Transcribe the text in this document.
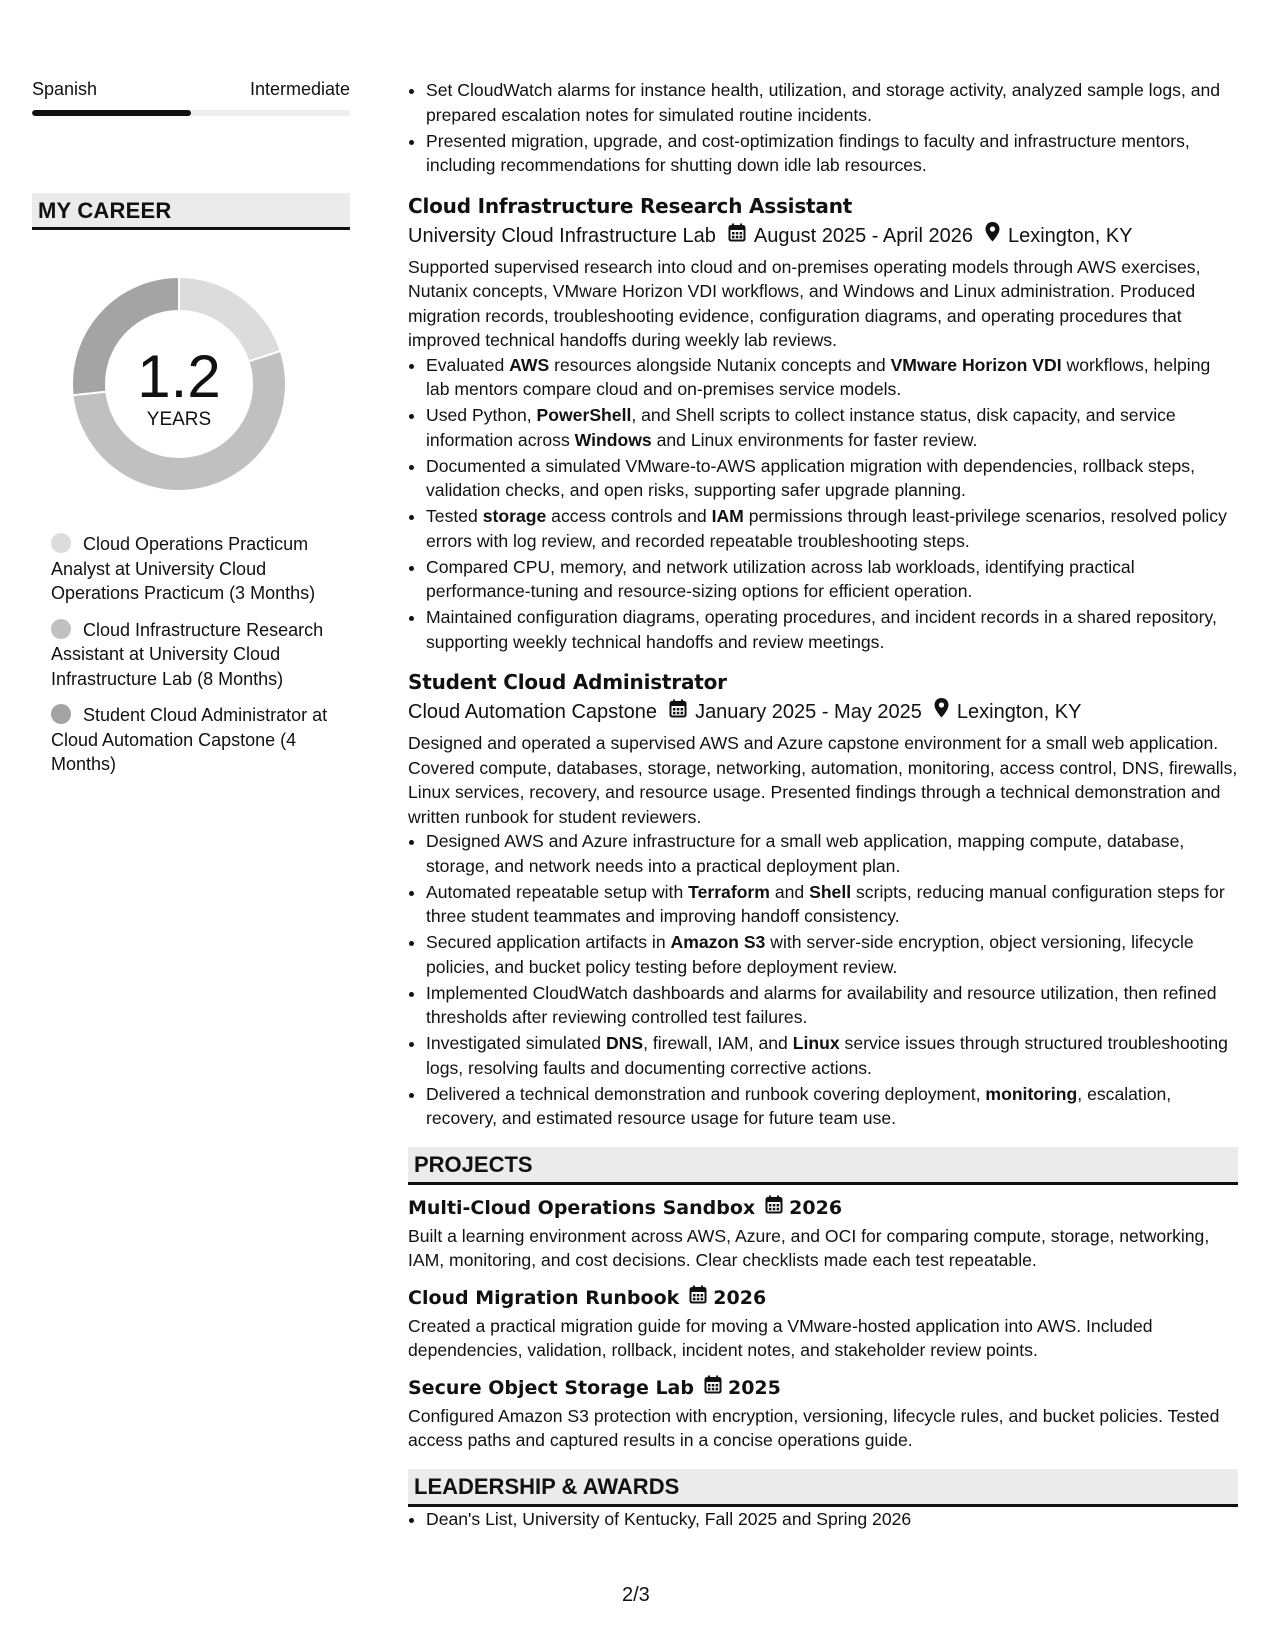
Spanish	Intermediate
MY CAREER
1.2
YEARS
Cloud Operations Practicum Analyst at University Cloud Operations Practicum (3 Months)
Cloud Infrastructure Research Assistant at University Cloud Infrastructure Lab (8 Months)
Student Cloud Administrator at Cloud Automation Capstone (4 Months)
• Set CloudWatch alarms for instance health, utilization, and storage activity, analyzed sample logs, and prepared escalation notes for simulated routine incidents.
• Presented migration, upgrade, and cost-optimization findings to faculty and infrastructure mentors, including recommendations for shutting down idle lab resources.
Cloud Infrastructure Research Assistant
University Cloud Infrastructure Lab August 2025 - April 2026 Lexington, KY
Supported supervised research into cloud and on-premises operating models through AWS exercises, Nutanix concepts, VMware Horizon VDI workflows, and Windows and Linux administration. Produced migration records, troubleshooting evidence, configuration diagrams, and operating procedures that improved technical handoffs during weekly lab reviews.
• Evaluated AWS resources alongside Nutanix concepts and VMware Horizon VDI workflows, helping lab mentors compare cloud and on-premises service models.
• Used Python, PowerShell, and Shell scripts to collect instance status, disk capacity, and service information across Windows and Linux environments for faster review.
• Documented a simulated VMware-to-AWS application migration with dependencies, rollback steps, validation checks, and open risks, supporting safer upgrade planning.
• Tested storage access controls and IAM permissions through least-privilege scenarios, resolved policy errors with log review, and recorded repeatable troubleshooting steps.
• Compared CPU, memory, and network utilization across lab workloads, identifying practical performance-tuning and resource-sizing options for efficient operation.
• Maintained configuration diagrams, operating procedures, and incident records in a shared repository, supporting weekly technical handoffs and review meetings.
Student Cloud Administrator
Cloud Automation Capstone January 2025 - May 2025 Lexington, KY
Designed and operated a supervised AWS and Azure capstone environment for a small web application. Covered compute, databases, storage, networking, automation, monitoring, access control, DNS, firewalls, Linux services, recovery, and resource usage. Presented findings through a technical demonstration and written runbook for student reviewers.
• Designed AWS and Azure infrastructure for a small web application, mapping compute, database, storage, and network needs into a practical deployment plan.
• Automated repeatable setup with Terraform and Shell scripts, reducing manual configuration steps for three student teammates and improving handoff consistency.
• Secured application artifacts in Amazon S3 with server-side encryption, object versioning, lifecycle policies, and bucket policy testing before deployment review.
• Implemented CloudWatch dashboards and alarms for availability and resource utilization, then refined thresholds after reviewing controlled test failures.
• Investigated simulated DNS, firewall, IAM, and Linux service issues through structured troubleshooting logs, resolving faults and documenting corrective actions.
• Delivered a technical demonstration and runbook covering deployment, monitoring, escalation, recovery, and estimated resource usage for future team use.
PROJECTS
Multi-Cloud Operations Sandbox 2026
Built a learning environment across AWS, Azure, and OCI for comparing compute, storage, networking, IAM, monitoring, and cost decisions. Clear checklists made each test repeatable.
Cloud Migration Runbook 2026
Created a practical migration guide for moving a VMware-hosted application into AWS. Included dependencies, validation, rollback, incident notes, and stakeholder review points.
Secure Object Storage Lab 2025
Configured Amazon S3 protection with encryption, versioning, lifecycle rules, and bucket policies. Tested access paths and captured results in a concise operations guide.
LEADERSHIP & AWARDS
• Dean's List, University of Kentucky, Fall 2025 and Spring 2026
2/3
